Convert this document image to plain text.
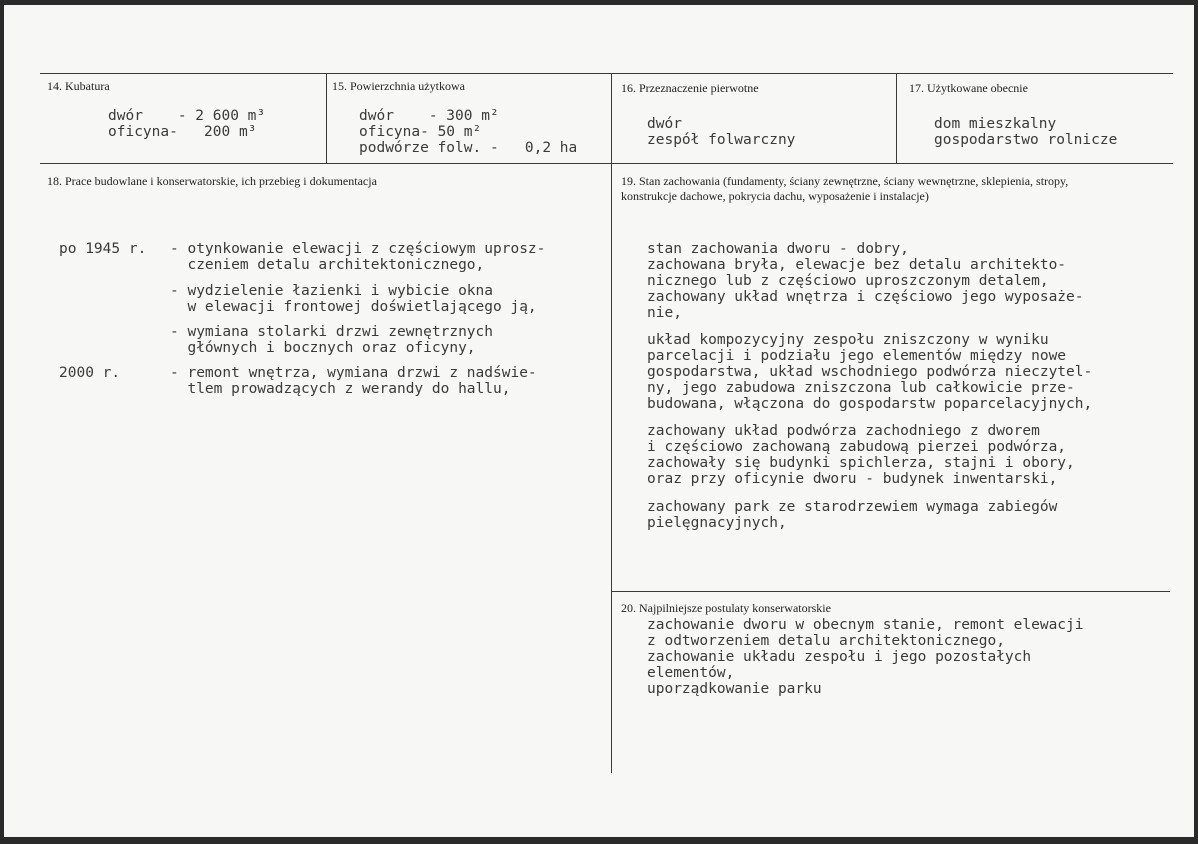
14. Kubatura
dwór    - 2 600 m³
oficyna-   200 m³
15. Powierzchnia użytkowa
dwór    - 300 m²
oficyna- 50 m²
podwórze folw. -   0,2 ha
16. Przeznaczenie pierwotne
dwór
zespół folwarczny
17. Użytkowane obecnie
dom mieszkalny
gospodarstwo rolnicze
18. Prace budowlane i konserwatorskie, ich przebieg i dokumentacja
po 1945 r. - otynkowanie elewacji z częściowym uprosz-
czeniem detalu architektonicznego,
- wydzielenie łazienki i wybicie okna
w elewacji frontowej doświetlającego ją,
- wymiana stolarki drzwi zewnętrznych
głównych i bocznych oraz oficyny,
2000 r.	- remont wnętrza, wymiana drzwi z nadświe-
tlem prowadzących z werandy do hallu,
19. Stan zachowania (fundamenty, ściany zewnętrzne, ściany wewnętrzne, sklepienia, stropy,
konstrukcje dachowe, pokrycia dachu, wyposażenie i instalacje)
stan zachowania dworu - dobry,
zachowana bryła, elewacje bez detalu architekto-
nicznego lub z częściowo uproszczonym detalem,
zachowany układ wnętrza i częściowo jego wyposaże-
nie,
układ kompozycyjny zespołu zniszczony w wyniku
parcelacji i podziału jego elementów między nowe
gospodarstwa, układ wschodniego podwórza nieczytel-
ny, jego zabudowa zniszczona lub całkowicie prze-
budowana, włączona do gospodarstw poparcelacyjnych,
zachowany układ podwórza zachodniego z dworem
i częściowo zachowaną zabudową pierzei podwórza,
zachowały się budynki spichlerza, stajni i obory,
oraz przy oficynie dworu - budynek inwentarski,
zachowany park ze starodrzewiem wymaga zabiegów
pielęgnacyjnych,
20. Najpilniejsze postulaty konserwatorskie
zachowanie dworu w obecnym stanie, remont elewacji
z odtworzeniem detalu architektonicznego,
zachowanie układu zespołu i jego pozostałych
elementów,
uporządkowanie parku
